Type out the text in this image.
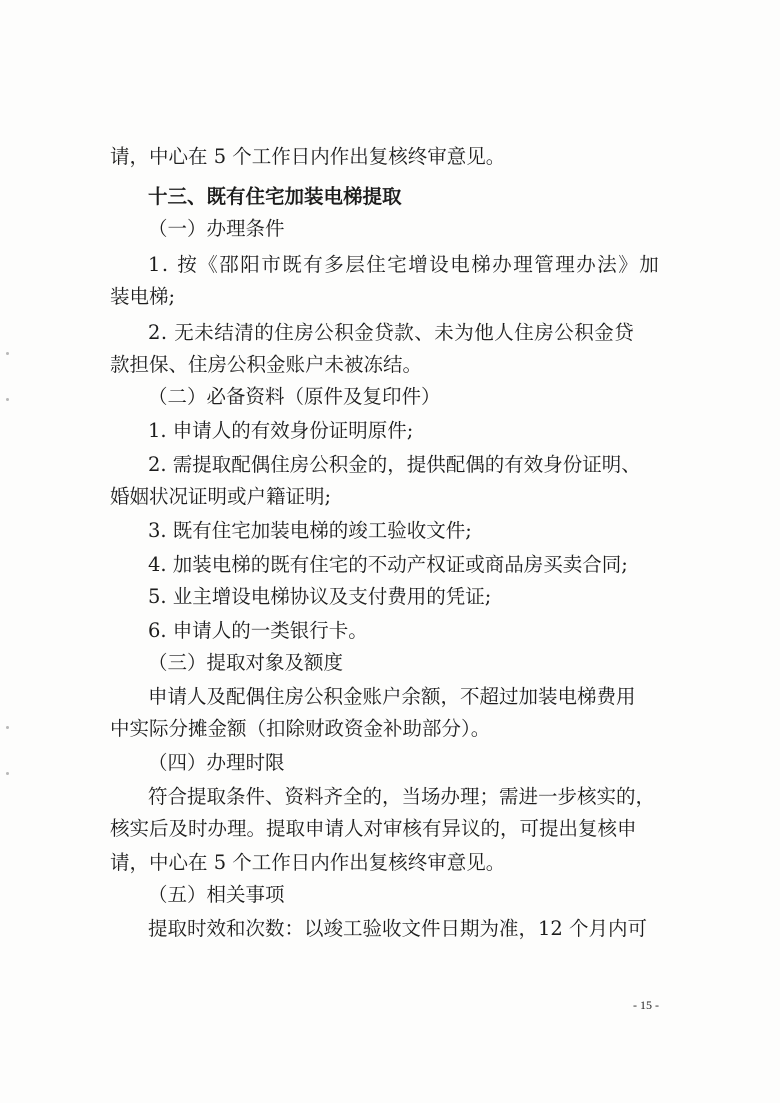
请，中心在 5 个工作日内作出复核终审意见。
十三、既有住宅加装电梯提取
（一）办理条件
1. 按《邵阳市既有多层住宅增设电梯办理管理办法》加
装电梯;
2. 无未结清的住房公积金贷款、未为他人住房公积金贷
款担保、住房公积金账户未被冻结。
（二）必备资料（原件及复印件）
1. 申请人的有效身份证明原件;
2. 需提取配偶住房公积金的，提供配偶的有效身份证明、
婚姻状况证明或户籍证明;
3. 既有住宅加装电梯的竣工验收文件;
4. 加装电梯的既有住宅的不动产权证或商品房买卖合同;
5. 业主增设电梯协议及支付费用的凭证;
6. 申请人的一类银行卡。
（三）提取对象及额度
申请人及配偶住房公积金账户余额，不超过加装电梯费用
中实际分摊金额（扣除财政资金补助部分）。
（四）办理时限
符合提取条件、资料齐全的，当场办理；需进一步核实的，
核实后及时办理。提取申请人对审核有异议的，可提出复核申
请，中心在 5 个工作日内作出复核终审意见。
（五）相关事项
提取时效和次数：以竣工验收文件日期为准，12 个月内可
- 15 -
